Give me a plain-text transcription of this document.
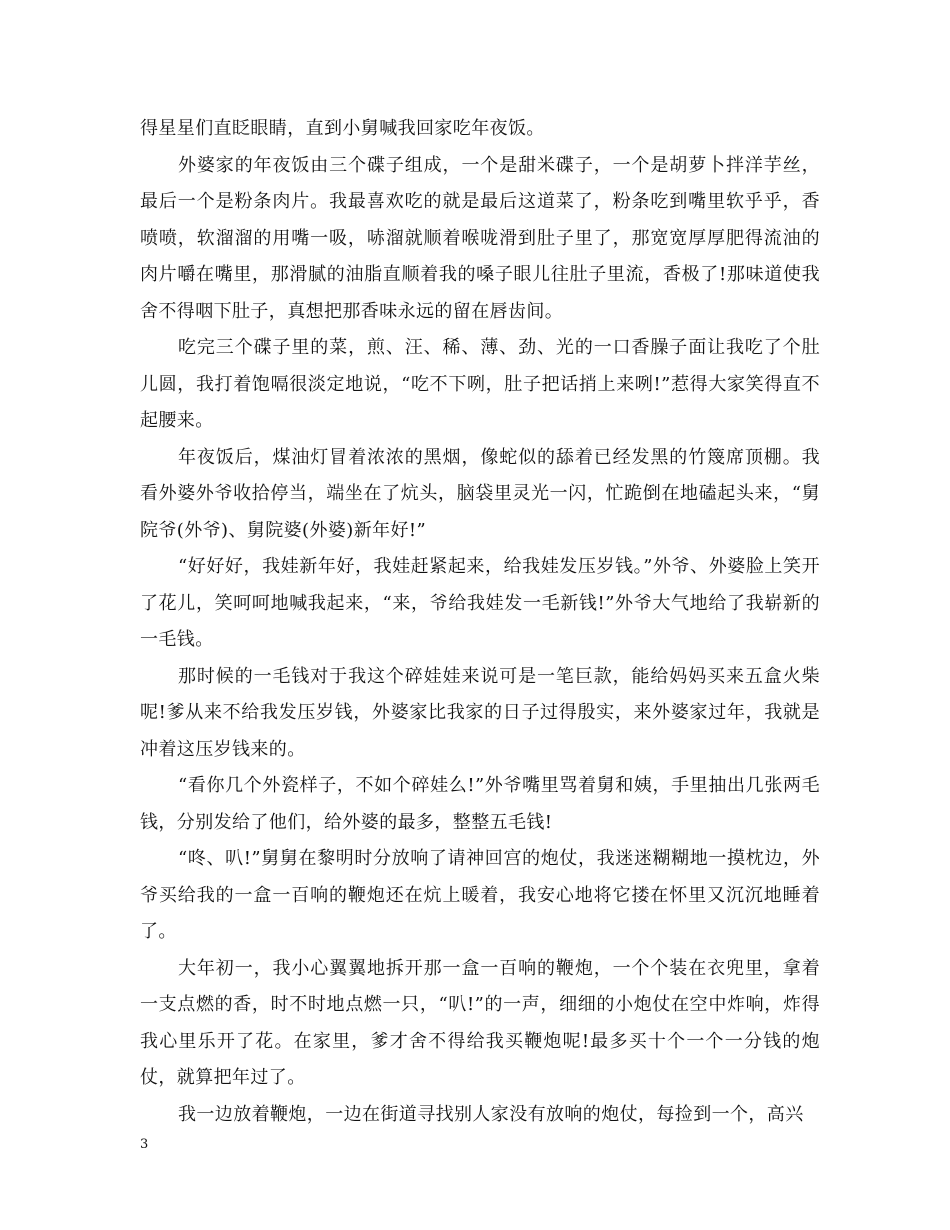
得星星们直眨眼睛，直到小舅喊我回家吃年夜饭。

外婆家的年夜饭由三个碟子组成，一个是甜米碟子，一个是胡萝卜拌洋芋丝，最后一个是粉条肉片。我最喜欢吃的就是最后这道菜了，粉条吃到嘴里软乎乎，香喷喷，软溜溜的用嘴一吸，哧溜就顺着喉咙滑到肚子里了，那宽宽厚厚肥得流油的肉片嚼在嘴里，那滑腻的油脂直顺着我的嗓子眼儿往肚子里流，香极了!那味道使我舍不得咽下肚子，真想把那香味永远的留在唇齿间。

吃完三个碟子里的菜，煎、汪、稀、薄、劲、光的一口香臊子面让我吃了个肚儿圆，我打着饱嗝很淡定地说，“吃不下咧，肚子把话捎上来咧!”惹得大家笑得直不起腰来。

年夜饭后，煤油灯冒着浓浓的黑烟，像蛇似的舔着已经发黑的竹篾席顶棚。我看外婆外爷收拾停当，端坐在了炕头，脑袋里灵光一闪，忙跪倒在地磕起头来，“舅院爷(外爷)、舅院婆(外婆)新年好!”

“好好好，我娃新年好，我娃赶紧起来，给我娃发压岁钱。”外爷、外婆脸上笑开了花儿，笑呵呵地喊我起来，“来，爷给我娃发一毛新钱!”外爷大气地给了我崭新的一毛钱。

那时候的一毛钱对于我这个碎娃娃来说可是一笔巨款，能给妈妈买来五盒火柴呢!爹从来不给我发压岁钱，外婆家比我家的日子过得殷实，来外婆家过年，我就是冲着这压岁钱来的。

“看你几个外瓷样子，不如个碎娃么!”外爷嘴里骂着舅和姨，手里抽出几张两毛钱，分别发给了他们，给外婆的最多，整整五毛钱!

“咚、叭!”舅舅在黎明时分放响了请神回宫的炮仗，我迷迷糊糊地一摸枕边，外爷买给我的一盒一百响的鞭炮还在炕上暖着，我安心地将它搂在怀里又沉沉地睡着了。

大年初一，我小心翼翼地拆开那一盒一百响的鞭炮，一个个装在衣兜里，拿着一支点燃的香，时不时地点燃一只，“叭!”的一声，细细的小炮仗在空中炸响，炸得我心里乐开了花。在家里，爹才舍不得给我买鞭炮呢!最多买十个一个一分钱的炮仗，就算把年过了。

我一边放着鞭炮，一边在街道寻找别人家没有放响的炮仗，每捡到一个，高兴

3
